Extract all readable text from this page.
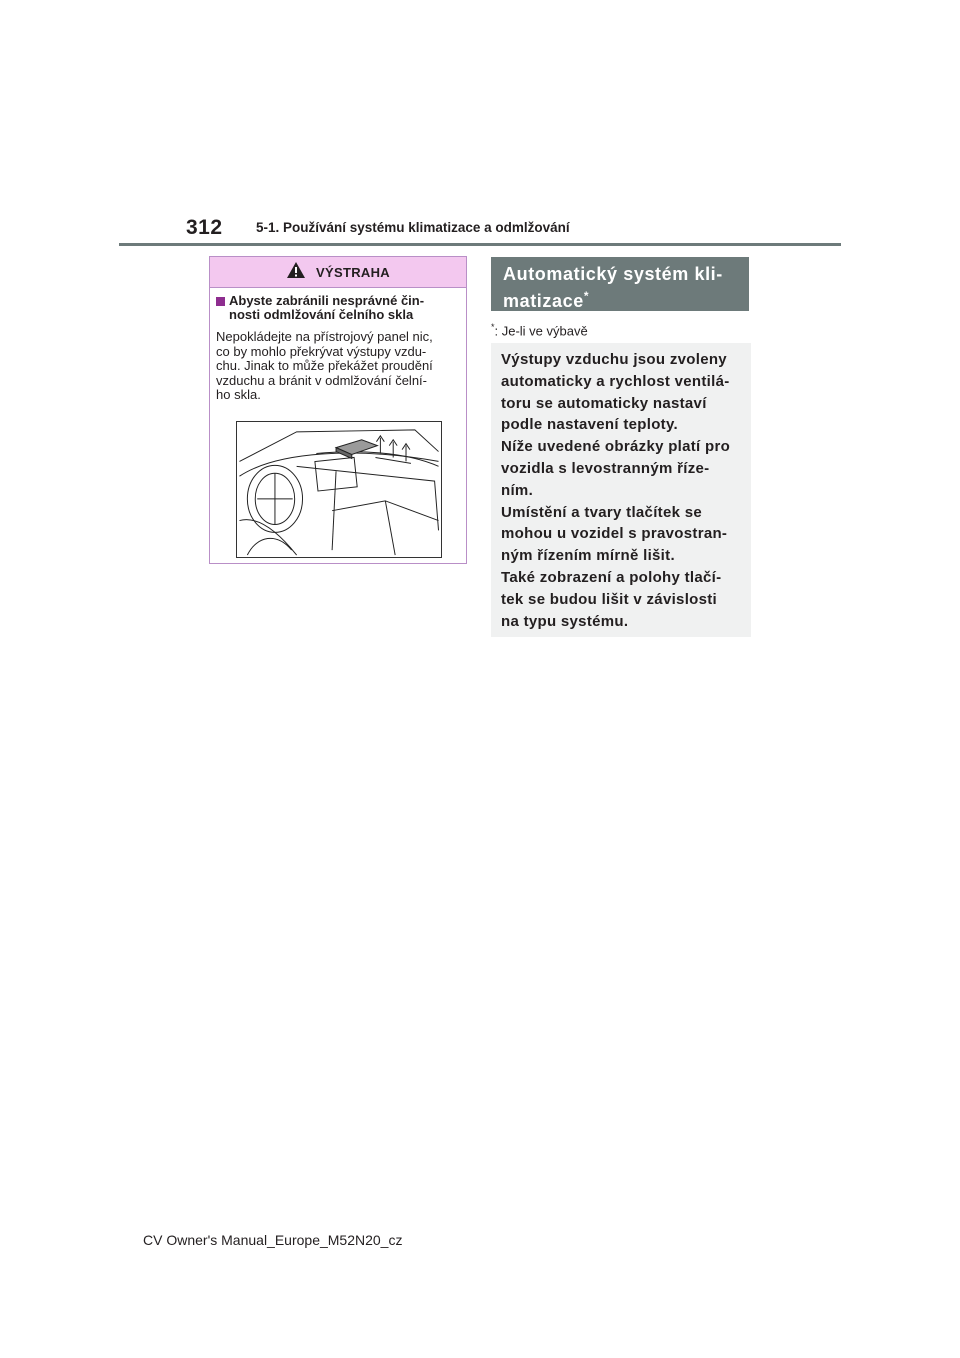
312 5-1. Používání systému klimatizace a odmlžování
VÝSTRAHA
Abyste zabránili nesprávné čin-
nosti odmlžování čelního skla
Nepokládejte na přístrojový panel nic,
co by mohlo překrývat výstupy vzdu-
chu. Jinak to může překážet proudění
vzduchu a bránit v odmlžování čelní-
ho skla.
Automatický systém kli-
matizace*
*: Je-li ve výbavě

Výstupy vzduchu jsou zvoleny

automaticky a rychlost ventilá-

toru se automaticky nastaví

podle nastavení teploty.

Níže uvedené obrázky platí pro

vozidla s levostranným říze-

ním.

Umístění a tvary tlačítek se

mohou u vozidel s pravostran-

ným řízením mírně lišit.

Také zobrazení a polohy tlačí-

tek se budou lišit v závislosti

na typu systému.

CV Owner's Manual_Europe_M52N20_cz
